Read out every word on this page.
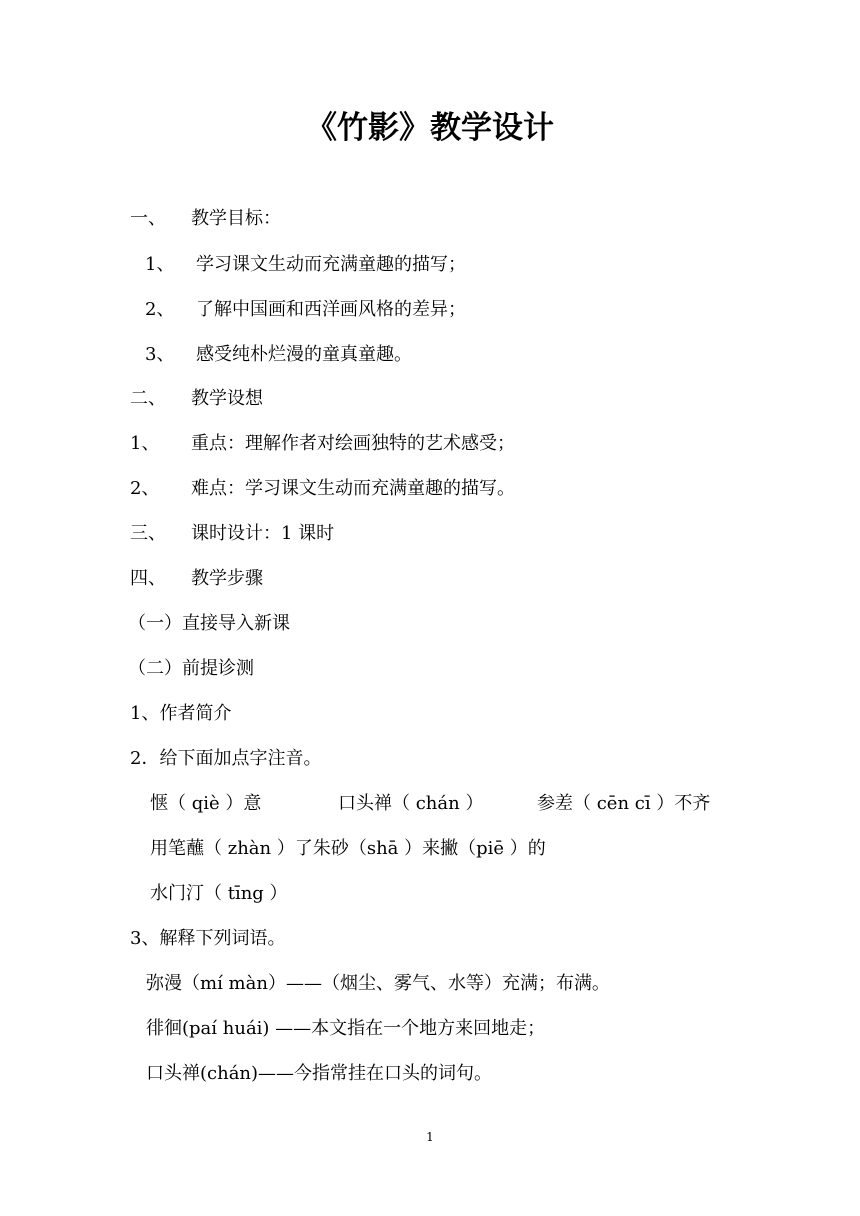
《竹影》教学设计
一、 教学目标：
1、 学习课文生动而充满童趣的描写；
2、 了解中国画和西洋画风格的差异；
3、 感受纯朴烂漫的童真童趣。
二、 教学设想
1、 重点：理解作者对绘画独特的艺术感受；
2、 难点：学习课文生动而充满童趣的描写。
三、 课时设计：1 课时
四、 教学步骤
（一）直接导入新课
（二）前提诊测
1、作者简介
2．给下面加点字注音。
惬（ qiè ）意	口头禅（ chán ）	参差（ cēn cī ）不齐
用笔蘸（ zhàn ）了朱砂（shā ）来撇（piē ）的
水门汀（ tīng ）
3、解释下列词语。
弥漫（mí màn）——（烟尘、雾气、水等）充满；布满。
徘徊(paí huái) ——本文指在一个地方来回地走；
口头禅(chán)——今指常挂在口头的词句。
1
